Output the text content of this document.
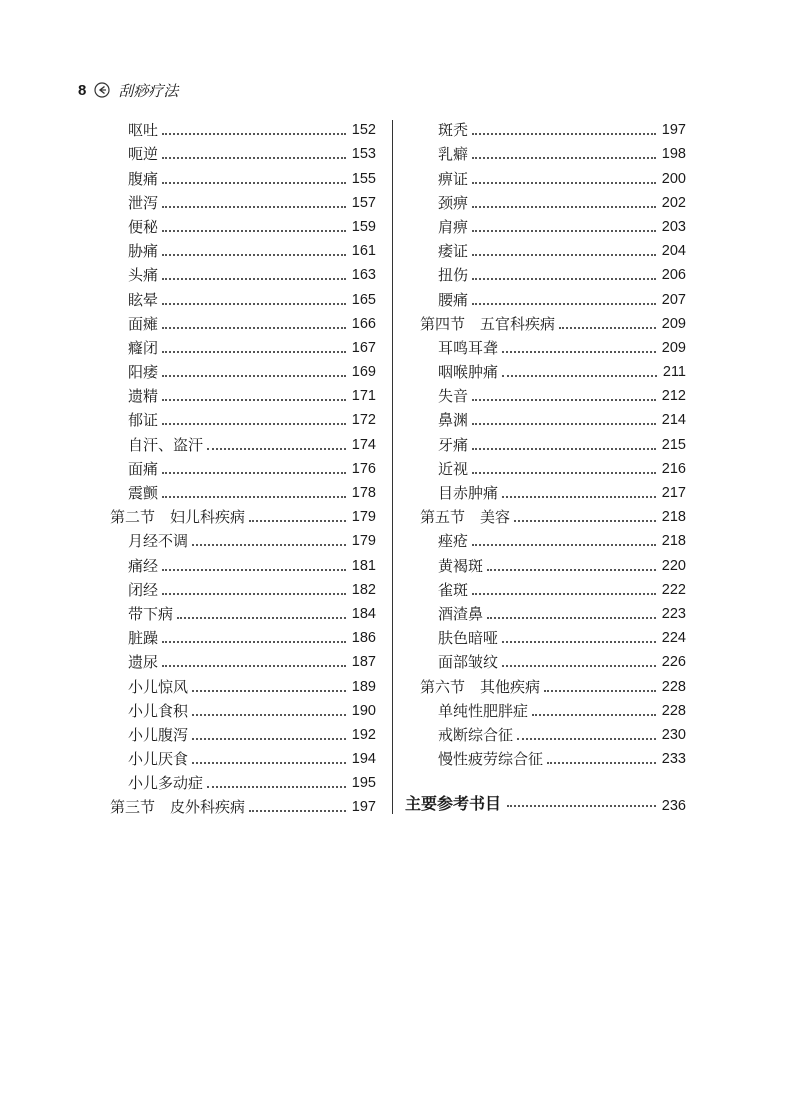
8 刮痧疗法
呕吐	152
呃逆	153
腹痛	155
泄泻	157
便秘	159
胁痛	161
头痛	163
眩晕	165
面瘫	166
癃闭	167
阳痿	169
遗精	171
郁证	172
自汗、盗汗	174
面痛	176
震颤	178
第二节　妇儿科疾病	179
月经不调	179
痛经	181
闭经	182
带下病	184
脏躁	186
遗尿	187
小儿惊风	189
小儿食积	190
小儿腹泻	192
小儿厌食	194
小儿多动症	195
第三节　皮外科疾病	197
斑秃	197
乳癖	198
痹证	200
颈痹	202
肩痹	203
痿证	204
扭伤	206
腰痛	207
第四节　五官科疾病	209
耳鸣耳聋	209
咽喉肿痛	211
失音	212
鼻渊	214
牙痛	215
近视	216
目赤肿痛	217
第五节　美容	218
痤疮	218
黄褐斑	220
雀斑	222
酒渣鼻	223
肤色暗哑	224
面部皱纹	226
第六节　其他疾病	228
单纯性肥胖症	228
戒断综合征	230
慢性疲劳综合征	233
主要参考书目	236
